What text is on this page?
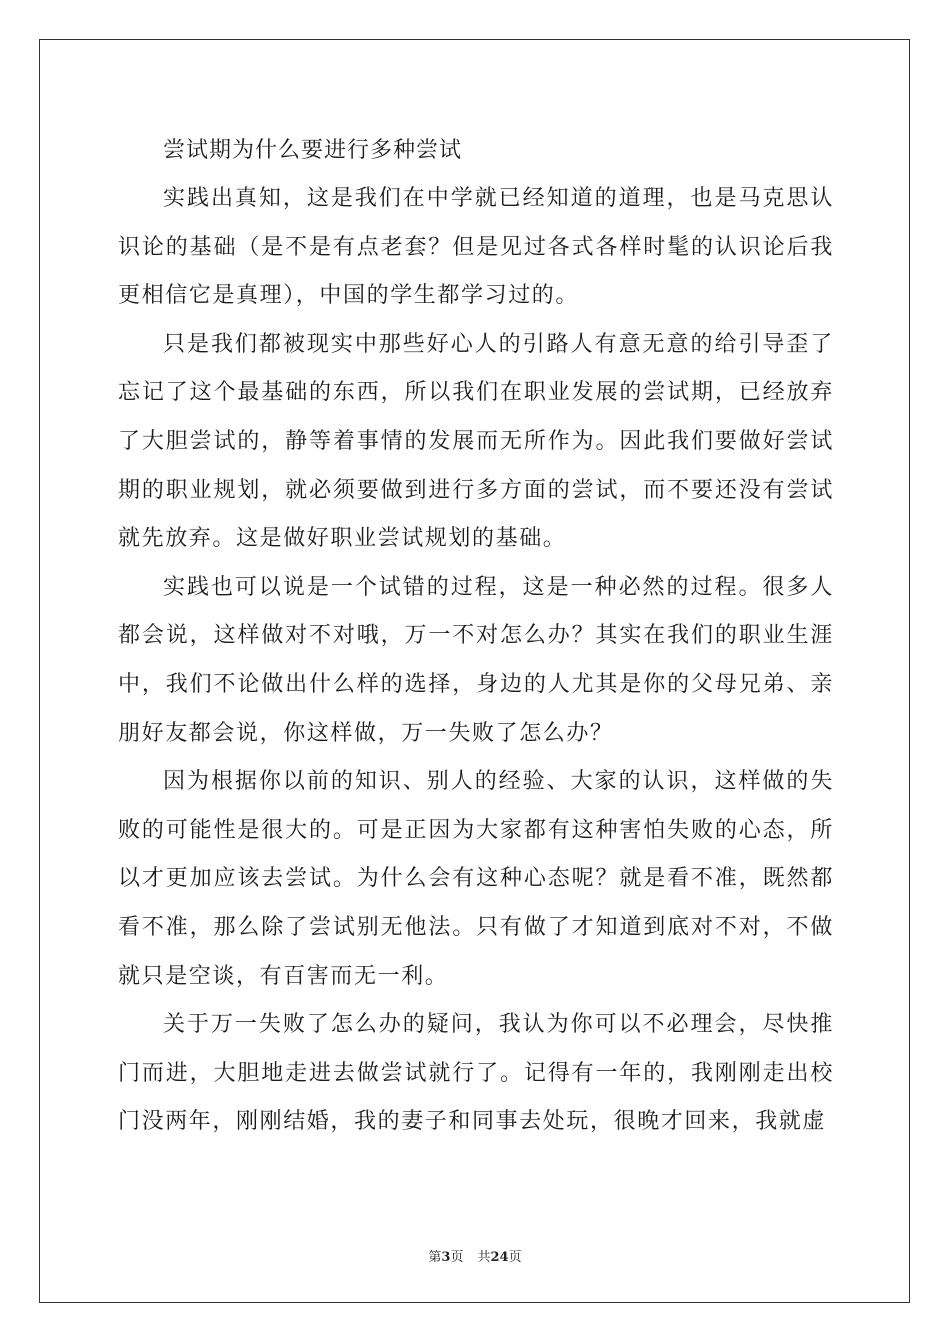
尝试期为什么要进行多种尝试

实践出真知，这是我们在中学就已经知道的道理，也是马克思认识论的基础（是不是有点老套？但是见过各式各样时髦的认识论后我更相信它是真理），中国的学生都学习过的。

只是我们都被现实中那些好心人的引路人有意无意的给引导歪了忘记了这个最基础的东西，所以我们在职业发展的尝试期，已经放弃了大胆尝试的，静等着事情的发展而无所作为。因此我们要做好尝试期的职业规划，就必须要做到进行多方面的尝试，而不要还没有尝试就先放弃。这是做好职业尝试规划的基础。

实践也可以说是一个试错的过程，这是一种必然的过程。很多人都会说，这样做对不对哦，万一不对怎么办？其实在我们的职业生涯中，我们不论做出什么样的选择，身边的人尤其是你的父母兄弟、亲朋好友都会说，你这样做，万一失败了怎么办？

因为根据你以前的知识、别人的经验、大家的认识，这样做的失败的可能性是很大的。可是正因为大家都有这种害怕失败的心态，所以才更加应该去尝试。为什么会有这种心态呢？就是看不准，既然都看不准，那么除了尝试别无他法。只有做了才知道到底对不对，不做就只是空谈，有百害而无一利。

关于万一失败了怎么办的疑问，我认为你可以不必理会，尽快推门而进，大胆地走进去做尝试就行了。记得有一年的，我刚刚走出校门没两年，刚刚结婚，我的妻子和同事去处玩，很晚才回来，我就虚

第3页 共24页
